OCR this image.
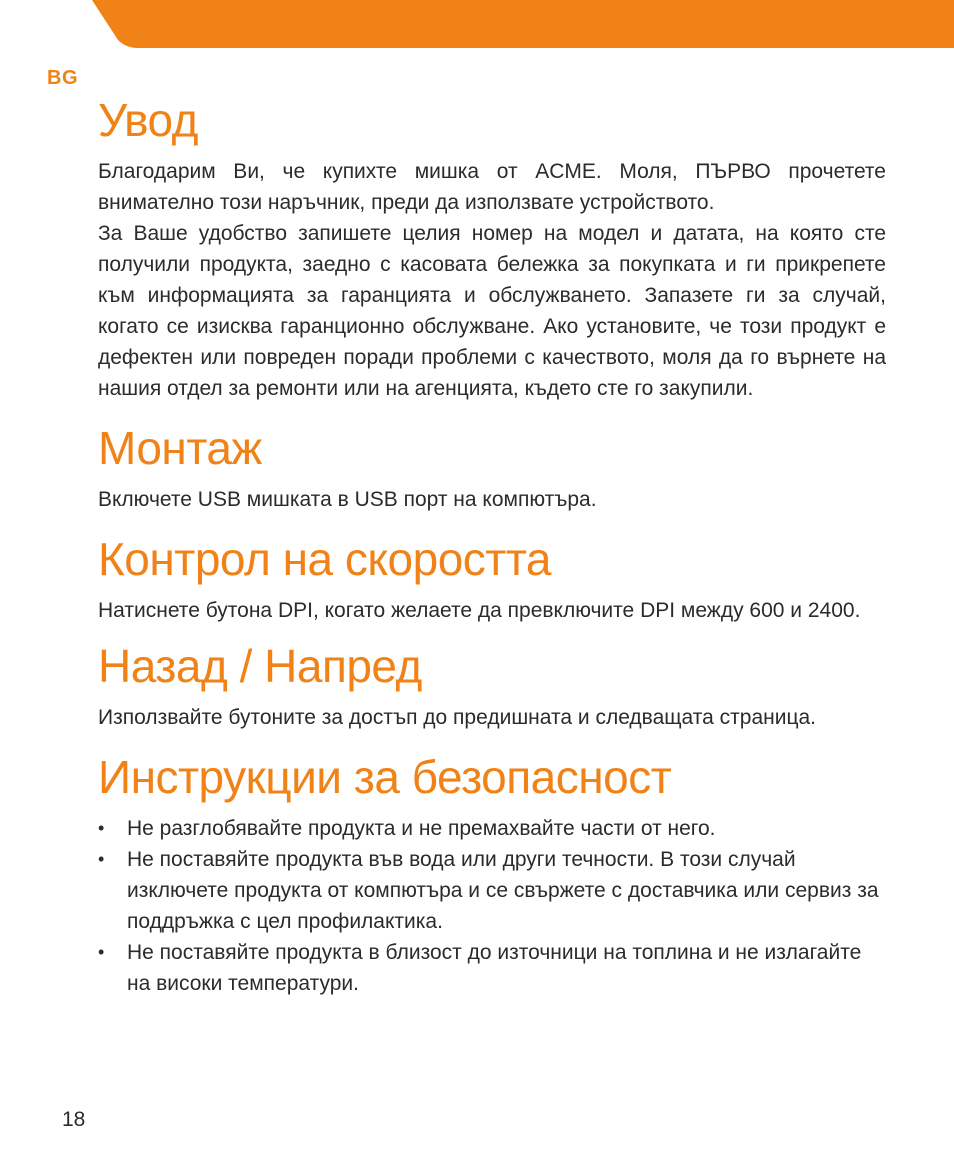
BG
Увод

Благодарим Ви, че купихте мишка от ACME. Моля, ПЪРВО прочетете внимателно този наръчник, преди да използвате устройството.

За Ваше удобство запишете целия номер на модел и датата, на която сте получили продукта, заедно с касовата бележка за покупката и ги прикрепете към информацията за гаранцията и обслужването. Запазете ги за случай, когато се изисква гаранционно обслужване. Ако установите, че този продукт е дефектен или повреден поради проблеми с качеството, моля да го върнете на нашия отдел за ремонти или на агенцията, където сте го закупили.

Монтаж

Включете USB мишката в USB порт на компютъра.

Контрол на скоростта

Натиснете бутона DPI, когато желаете да превключите DPI между 600 и 2400.

Назад / Напред

Използвайте бутоните за достъп до предишната и следващата страница.

Инструкции за безопасност
• Не разглобявайте продукта и не премахвайте части от него.
• Не поставяйте продукта във вода или други течности. В този случай изключете продукта от компютъра и се свържете с доставчика или сервиз за поддръжка с цел профилактика.
• Не поставяйте продукта в близост до източници на топлина и не излагайте на високи температури.
18
